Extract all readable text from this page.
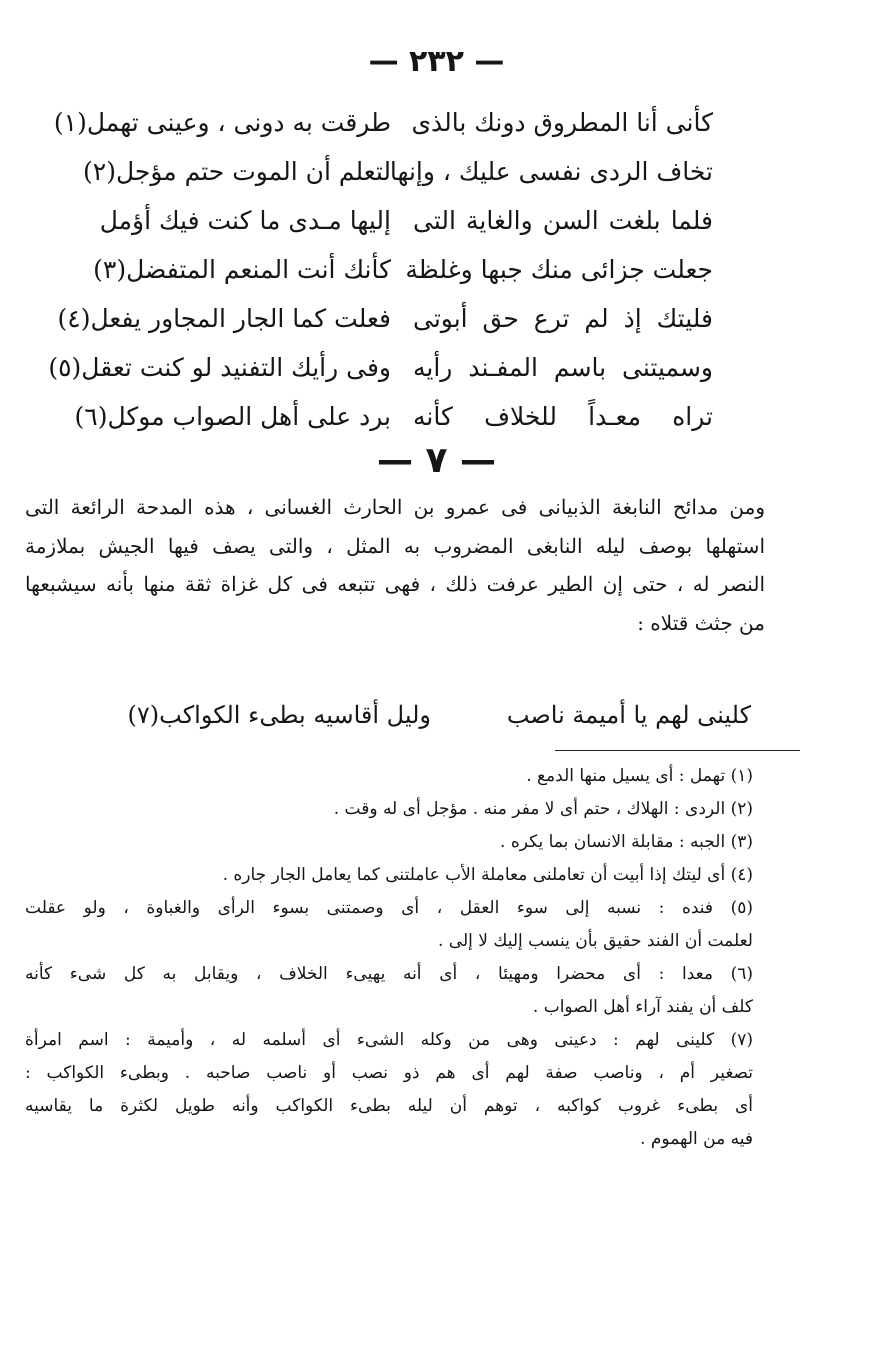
— ٢٣٢ —
كأنى أنا المطروق دونك بالذى
طرقت به دونى ، وعينى تهمل(١)
تخاف الردى نفسى عليك ، وإنها
لتعلم أن الموت حتم مؤجل(٢)
فلما بلغت السن والغاية التى
إليها مـدى ما كنت فيك أؤمل
جعلت جزائى منك جبها وغلظة
كأنك أنت المنعم المتفضل(٣)
فليتك إذ لم ترع حق أبوتى
فعلت كما الجار المجاور يفعل(٤)
وسميتنى باسم المفـند رأيه
وفى رأيك التفنيد لو كنت تعقل(٥)
تراه معـداً للخلاف كأنه
برد على أهل الصواب موكل(٦)
— ٧ —
ومن مدائح النابغة الذبيانى فى عمرو بن الحارث الغسانى ، هذه المدحة الرائعة التى
استهلها بوصف ليله النابغى المضروب به المثل ، والتى يصف فيها الجيش بملازمة
النصر له ، حتى إن الطير عرفت ذلك ، فهى تتبعه فى كل غزاة ثقة منها بأنه سيشبعها
من جثث قتلاه :
كلينى لهم يا أميمة ناصب
وليل أقاسيه بطىء الكواكب(٧)
(١) تهمل : أى يسيل منها الدمع .
(٢) الردى : الهلاك ، حتم أى لا مفر منه . مؤجل أى له وقت .
(٣) الجبه : مقابلة الانسان بما يكره .
(٤) أى ليتك إذا أبيت أن تعاملنى معاملة الأب عاملتنى كما يعامل الجار جاره .
(٥) فنده : نسبه إلى سوء العقل ، أى وصمتنى بسوء الرأى والغباوة ، ولو عقلت
لعلمت أن الفند حقيق بأن ينسب إليك لا إلى .
(٦) معدا : أى محضرا ومهيئا ، أى أنه يهيىء الخلاف ، ويقابل به كل شىء كأنه
كلف أن يفند آراء أهل الصواب .
(٧) كلينى لهم : دعينى وهى من وكله الشىء أى أسلمه له ، وأميمة : اسم امرأة
تصغير أم ، وناصب صفة لهم أى هم ذو نصب أو ناصب صاحبه . وبطىء الكواكب :
أى بطىء غروب كواكبه ، توهم أن ليله بطىء الكواكب وأنه طويل لكثرة ما يقاسيه
فيه من الهموم .
